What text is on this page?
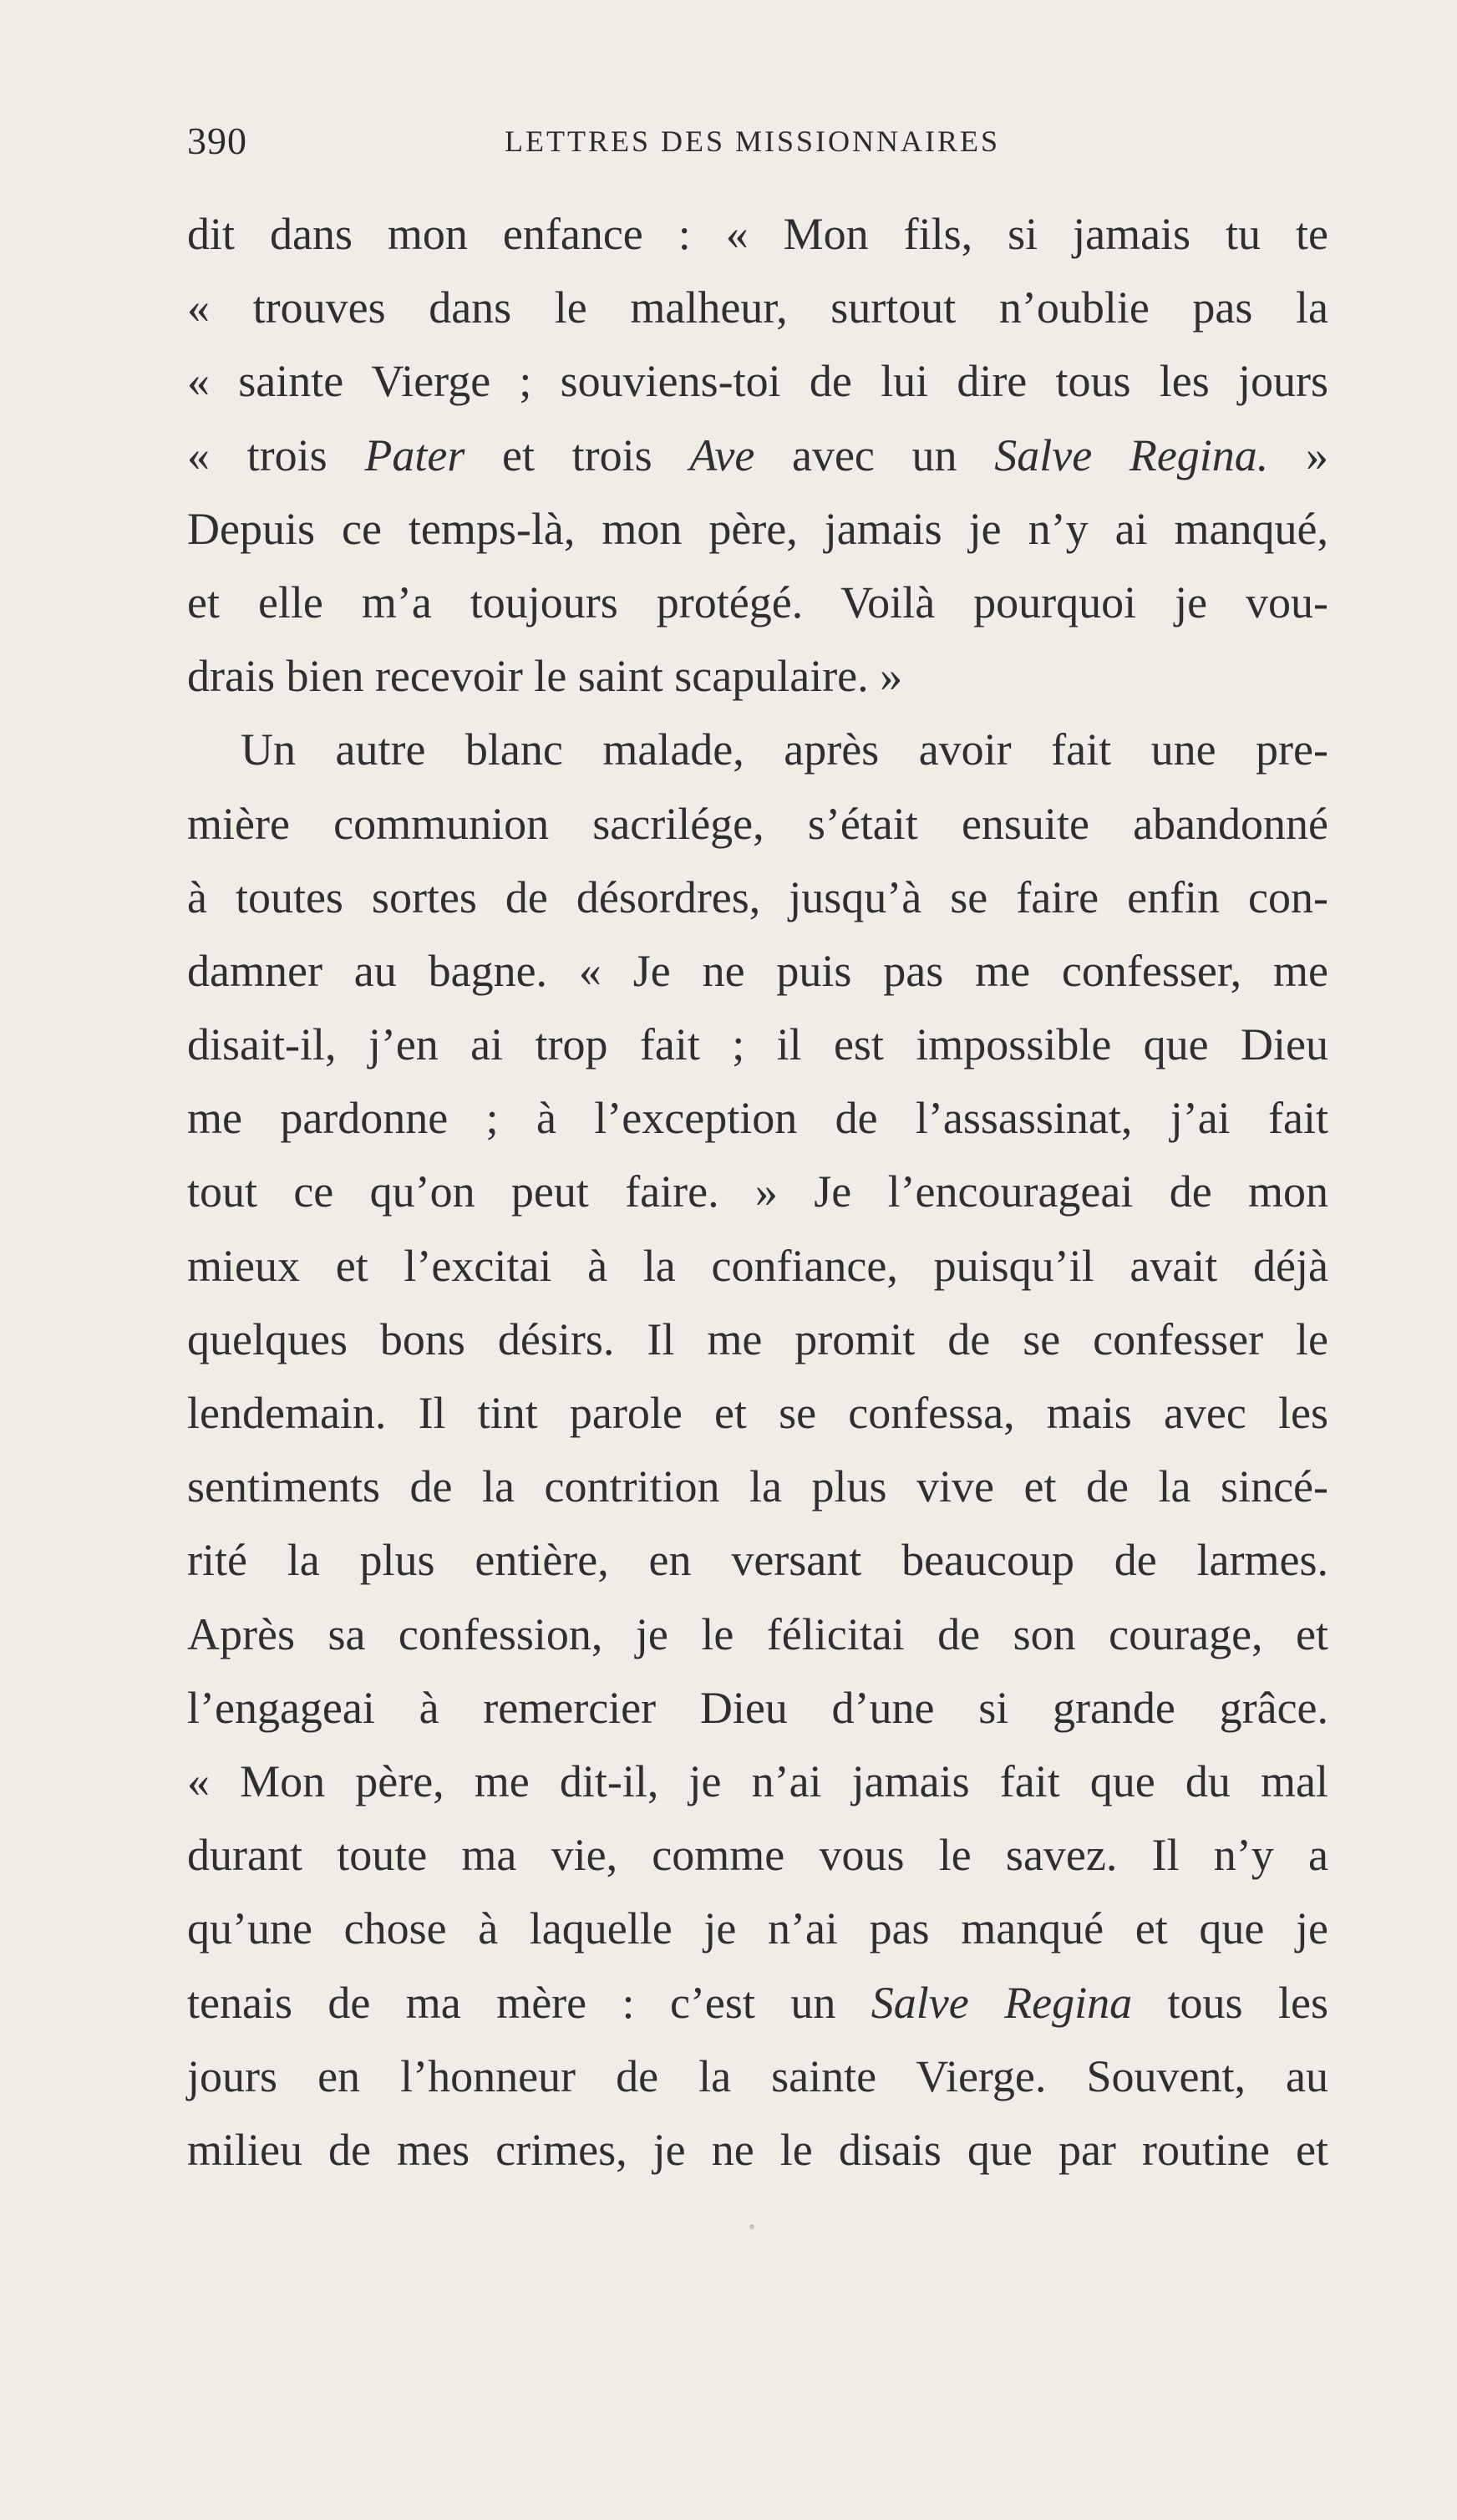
390	LETTRES DES MISSIONNAIRES
dit dans mon enfance : « Mon fils, si jamais tu te
« trouves dans le malheur, surtout n’oublie pas la
« sainte Vierge ; souviens-toi de lui dire tous les jours
« trois Pater et trois Ave avec un Salve Regina. »
Depuis ce temps-là, mon père, jamais je n’y ai manqué,
et elle m’a toujours protégé. Voilà pourquoi je vou-
drais bien recevoir le saint scapulaire. »
Un autre blanc malade, après avoir fait une pre-
mière communion sacrilége, s’était ensuite abandonné
à toutes sortes de désordres, jusqu’à se faire enfin con-
damner au bagne. « Je ne puis pas me confesser, me
disait-il, j’en ai trop fait ; il est impossible que Dieu
me pardonne ; à l’exception de l’assassinat, j’ai fait
tout ce qu’on peut faire. » Je l’encourageai de mon
mieux et l’excitai à la confiance, puisqu’il avait déjà
quelques bons désirs. Il me promit de se confesser le
lendemain. Il tint parole et se confessa, mais avec les
sentiments de la contrition la plus vive et de la sincé-
rité la plus entière, en versant beaucoup de larmes.
Après sa confession, je le félicitai de son courage, et
l’engageai à remercier Dieu d’une si grande grâce.
« Mon père, me dit-il, je n’ai jamais fait que du mal
durant toute ma vie, comme vous le savez. Il n’y a
qu’une chose à laquelle je n’ai pas manqué et que je
tenais de ma mère : c’est un Salve Regina tous les
jours en l’honneur de la sainte Vierge. Souvent, au
milieu de mes crimes, je ne le disais que par routine et
